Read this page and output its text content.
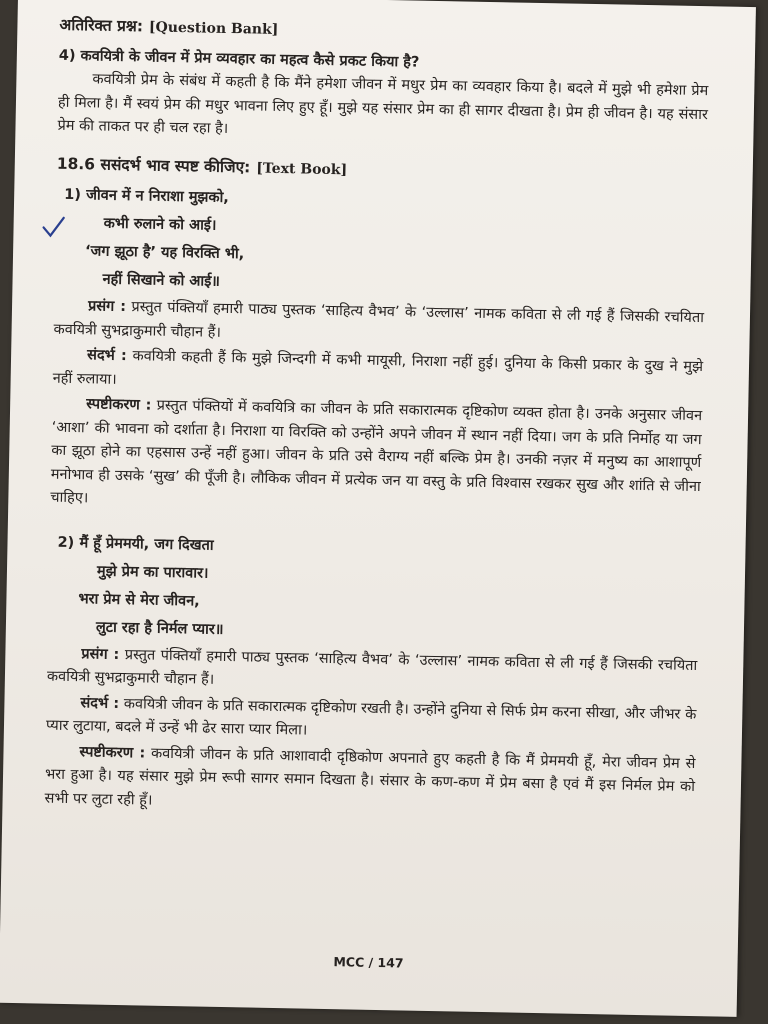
अतिरिक्त प्रश्न: [Question Bank]
4) कवयित्री के जीवन में प्रेम व्यवहार का महत्व कैसे प्रकट किया है?

कवयित्री प्रेम के संबंध में कहती है कि मैंने हमेशा जीवन में मधुर प्रेम का व्यवहार किया है। बदले में मुझे भी हमेशा प्रेम ही मिला है। मैं स्वयं प्रेम की मधुर भावना लिए हुए हूँ। मुझे यह संसार प्रेम का ही सागर दीखता है। प्रेम ही जीवन है। यह संसार प्रेम की ताकत पर ही चल रहा है।

18.6 ससंदर्भ भाव स्पष्ट कीजिए: [Text Book]
1) जीवन में न निराशा मुझको,
कभी रुलाने को आई।
‘जग झूठा है’ यह विरक्ति भी,
नहीं सिखाने को आई॥

प्रसंग : प्रस्तुत पंक्तियाँ हमारी पाठ्य पुस्तक ‘साहित्य वैभव’ के ‘उल्लास’ नामक कविता से ली गई हैं जिसकी रचयिता कवयित्री सुभद्राकुमारी चौहान हैं।

संदर्भ : कवयित्री कहती हैं कि मुझे जिन्दगी में कभी मायूसी, निराशा नहीं हुई। दुनिया के किसी प्रकार के दुख ने मुझे नहीं रुलाया।

स्पष्टीकरण : प्रस्तुत पंक्तियों में कवयित्रि का जीवन के प्रति सकारात्मक दृष्टिकोण व्यक्त होता है। उनके अनुसार जीवन ‘आशा’ की भावना को दर्शाता है। निराशा या विरक्ति को उन्होंने अपने जीवन में स्थान नहीं दिया। जग के प्रति निर्मोह या जग का झूठा होने का एहसास उन्हें नहीं हुआ। जीवन के प्रति उसे वैराग्य नहीं बल्कि प्रेम है। उनकी नज़र में मनुष्य का आशापूर्ण मनोभाव ही उसके ‘सुख’ की पूँजी है। लौकिक जीवन में प्रत्येक जन या वस्तु के प्रति विश्वास रखकर सुख और शांति से जीना चाहिए।

2) मैं हूँ प्रेममयी, जग दिखता
मुझे प्रेम का पारावार।
भरा प्रेम से मेरा जीवन,
लुटा रहा है निर्मल प्यार॥

प्रसंग : प्रस्तुत पंक्तियाँ हमारी पाठ्य पुस्तक ‘साहित्य वैभव’ के ‘उल्लास’ नामक कविता से ली गई हैं जिसकी रचयिता कवयित्री सुभद्राकुमारी चौहान हैं।

संदर्भ : कवयित्री जीवन के प्रति सकारात्मक दृष्टिकोण रखती है। उन्होंने दुनिया से सिर्फ प्रेम करना सीखा, और जीभर के प्यार लुटाया, बदले में उन्हें भी ढेर सारा प्यार मिला।

स्पष्टीकरण : कवयित्री जीवन के प्रति आशावादी दृष्ठिकोण अपनाते हुए कहती है कि मैं प्रेममयी हूँ, मेरा जीवन प्रेम से भरा हुआ है। यह संसार मुझे प्रेम रूपी सागर समान दिखता है। संसार के कण-कण में प्रेम बसा है एवं मैं इस निर्मल प्रेम को सभी पर लुटा रही हूँ।

MCC / 147
